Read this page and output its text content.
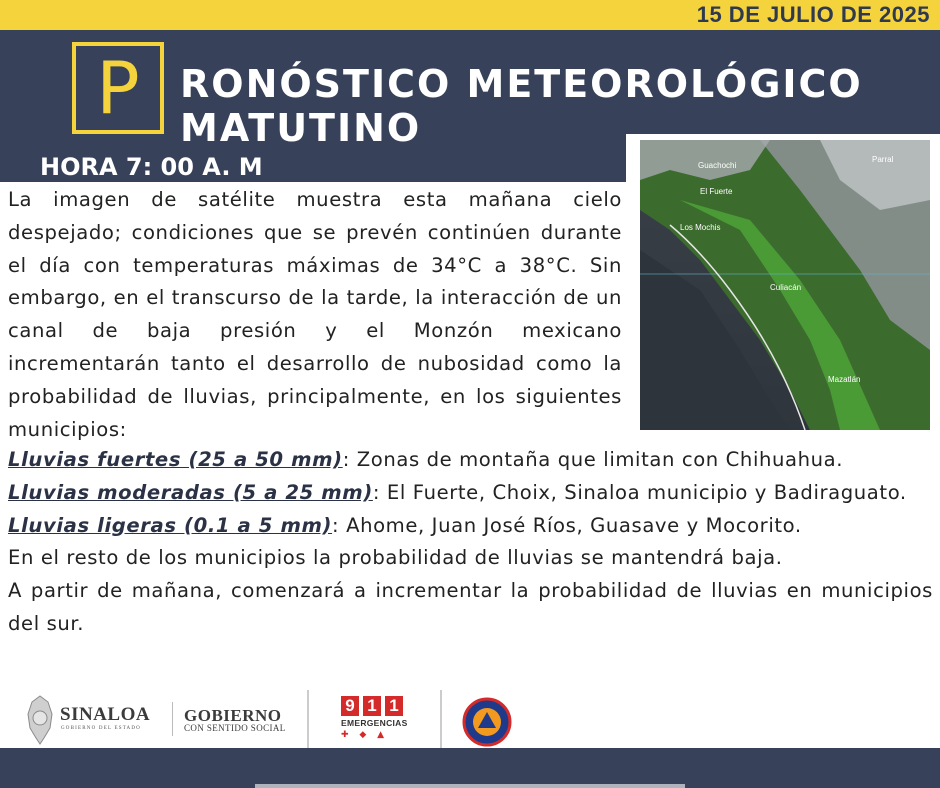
15 DE JULIO DE 2025
P	RONÓSTICO METEOROLÓGICO
MATUTINO
HORA 7: 00 A. M	Guachochi
Parral
El Fuerte
Los Mochis
Culiacán
Mazatlán
La imagen de satélite muestra esta mañana cielo despejado; condiciones que se prevén continúen durante el día con temperaturas máximas de 34°C a 38°C. Sin embargo, en el transcurso de la tarde, la interacción de un canal de baja presión y el Monzón mexicano incrementarán tanto el desarrollo de nubosidad como la probabilidad de lluvias, principalmente, en los siguientes municipios:

Lluvias fuertes (25 a 50 mm): Zonas de montaña que limitan con Chihuahua.

Lluvias moderadas (5 a 25 mm): El Fuerte, Choix, Sinaloa municipio y Badiraguato.

Lluvias ligeras (0.1 a 5 mm): Ahome, Juan José Ríos, Guasave y Mocorito.

En el resto de los municipios la probabilidad de lluvias se mantendrá baja.

A partir de mañana, comenzará a incrementar la probabilidad de lluvias en municipios del sur.

SINALOA
GOBIERNO DEL ESTADO
GOBIERNO
CON SENTIDO SOCIAL
9 1 1
EMERGENCIAS
✚ ◆ ▲
